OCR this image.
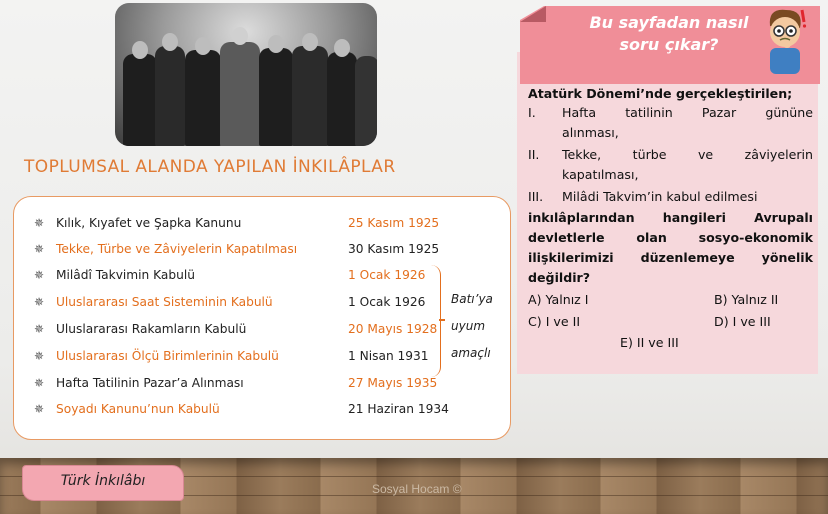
TOPLUMSAL ALANDA YAPILAN İNKILÂPLAR
Batı’ya
uyum
amaçlı
✵ Kılık, Kıyafet ve Şapka Kanunu	25 Kasım 1925
✵ Tekke, Türbe ve Zâviyelerin Kapatılması	30 Kasım 1925
✵ Milâdî Takvimin Kabulü	1 Ocak 1926
✵ Uluslararası Saat Sisteminin Kabulü	1 Ocak 1926
✵ Uluslararası Rakamların Kabulü	20 Mayıs 1928
✵ Uluslararası Ölçü Birimlerinin Kabulü	1 Nisan 1931
✵ Hafta Tatilinin Pazar’a Alınması	27 Mayıs 1935
✵ Soyadı Kanunu’nun Kabulü	21 Haziran 1934
Bu sayfadan nasıl
soru çıkar?
Atatürk Dönemi’nde gerçekleştirilen;
I. Hafta tatilinin Pazar gününe
alınması,
II. Tekke, türbe ve zâviyelerin
kapatılması,
III. Milâdi Takvim’in kabul edilmesi
inkılâplarından hangileri Avrupalı
devletlerle olan sosyo-ekonomik
ilişkilerimizi düzenlemeye yönelik
değildir?
A) Yalnız I	B) Yalnız II
C) I ve II	D) I ve III
E) II ve III
Türk İnkılâbı	Sosyal Hocam ©
